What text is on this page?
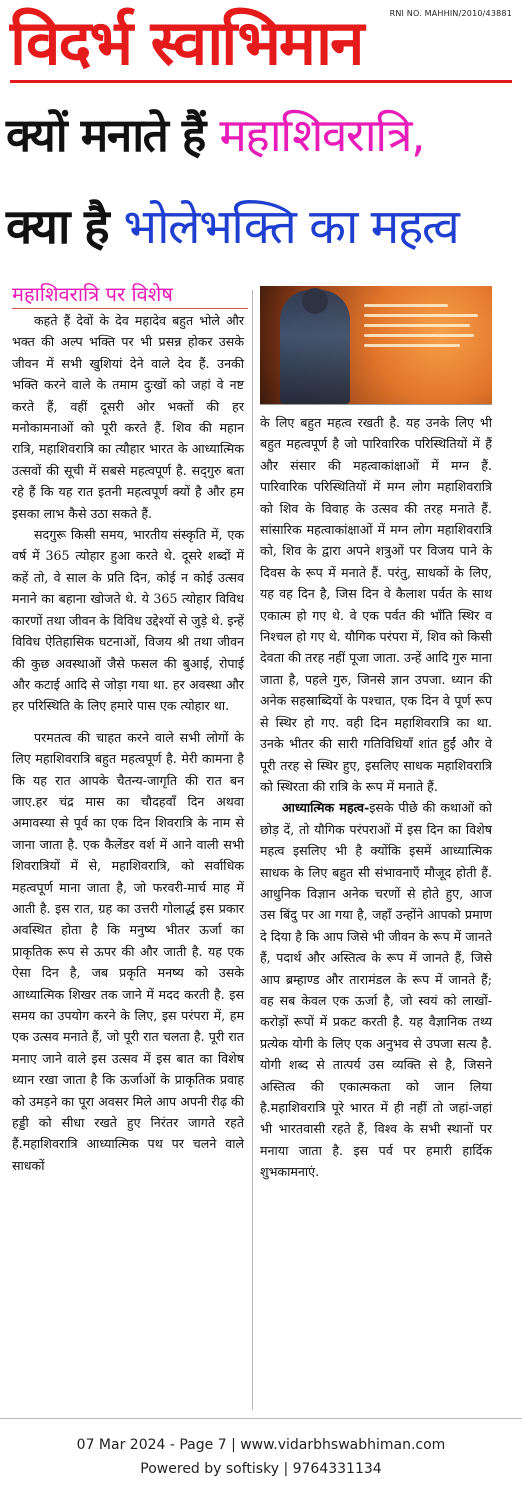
RNI NO. MAHHIN/2010/43881
विदर्भ स्वाभिमान
क्यों मनाते हैं महाशिवरात्रि,
क्या है भोलेभक्ति का महत्व
महाशिवरात्रि पर विशेष

कहते हैं देवों के देव महादेव बहुत भोले और भक्त की अल्प भक्ति पर भी प्रसन्न होकर उसके जीवन में सभी खुशियां देने वाले देव हैं. उनकी भक्ति करने वाले के तमाम दुःखों को जहां वे नष्ट करते हैं, वहीं दूसरी ओर भक्तों की हर मनोकामनाओं को पूरी करते हैं. शिव की महान रात्रि, महाशिवरात्रि का त्यौहार भारत के आध्यात्मिक उत्सवों की सूची में सबसे महत्वपूर्ण है. सद्‍गुरु बता रहे हैं कि यह रात इतनी महत्वपूर्ण क्यों है और हम इसका लाभ कैसे उठा सकते हैं.

सदगुरू किसी समय, भारतीय संस्कृति में, एक वर्ष में 365 त्योहार हुआ करते थे. दूसरे शब्दों में कहें तो, वे साल के प्रति दिन, कोई न कोई उत्सव मनाने का बहाना खोजते थे. ये 365 त्योहार विविध कारणों तथा जीवन के विविध उद्देश्यों से जुड़े थे. इन्हें विविध ऐतिहासिक घटनाओं, विजय श्री तथा जीवन की कुछ अवस्थाओं जैसे फसल की बुआई, रोपाई और कटाई आदि से जोड़ा गया था. हर अवस्था और हर परिस्थिति के लिए हमारे पास एक त्योहार था.

परमतत्व की चाहत करने वाले सभी लोगों के लिए महाशिवरात्रि बहुत महत्वपूर्ण है. मेरी कामना है कि यह रात आपके चैतन्य-जागृति की रात बन जाए.हर चंद्र मास का चौदहवाँ दिन अथवा अमावस्या से पूर्व का एक दिन शिवरात्रि के नाम से जाना जाता है. एक कैलेंडर वर्श में आने वाली सभी शिवरात्रियों में से, महाशिवरात्रि, को सर्वाधिक महत्वपूर्ण माना जाता है, जो फरवरी-मार्च माह में आती है. इस रात, ग्रह का उत्तरी गोलार्द्ध इस प्रकार अवस्थित होता है कि मनुष्य भीतर ऊर्जा का प्राकृतिक रूप से ऊपर की और जाती है. यह एक ऐसा दिन है, जब प्रकृति मनष्य को उसके आध्यात्मिक शिखर तक जाने में मदद करती है. इस समय का उपयोग करने के लिए, इस परंपरा में, हम एक उत्सव मनाते हैं, जो पूरी रात चलता है. पूरी रात मनाए जाने वाले इस उत्सव में इस बात का विशेष ध्यान रखा जाता है कि ऊर्जाओं के प्राकृतिक प्रवाह को उमड़ने का पूरा अवसर मिले आप अपनी रीढ़ की हड्डी को सीधा रखते हुए निरंतर जागते रहते हैं.महाशिवरात्रि आध्यात्मिक पथ पर चलने वाले साधकों

के लिए बहुत महत्व रखती है. यह उनके लिए भी बहुत महत्वपूर्ण है जो पारिवारिक परिस्थितियों में हैं और संसार की महत्वाकांक्षाओं में मग्न हैं. पारिवारिक परिस्थितियों में मग्न लोग महाशिवरात्रि को शिव के विवाह के उत्सव की तरह मनाते हैं. सांसारिक महत्वाकांक्षाओं में मग्न लोग महाशिवरात्रि को, शिव के द्वारा अपने शत्रुओं पर विजय पाने के दिवस के रूप में मनाते हैं. परंतु, साधकों के लिए, यह वह दिन है, जिस दिन वे कैलाश पर्वत के साथ एकात्म हो गए थे. वे एक पर्वत की भाँति स्थिर व निश्चल हो गए थे. यौगिक परंपरा में, शिव को किसी देवता की तरह नहीं पूजा जाता. उन्हें आदि गुरु माना जाता है, पहले गुरु, जिनसे ज्ञान उपजा. ध्यान की अनेक सहस्राब्दियों के पश्चात, एक दिन वे पूर्ण रूप से स्थिर हो गए. वही दिन महाशिवरात्रि का था. उनके भीतर की सारी गतिविधियाँ शांत हुईं और वे पूरी तरह से स्थिर हुए, इसलिए साधक महाशिवरात्रि को स्थिरता की रात्रि के रूप में मनाते हैं.

आध्यात्मिक महत्व-इसके पीछे की कथाओं को छोड़ दें, तो यौगिक परंपराओं में इस दिन का विशेष महत्व इसलिए भी है क्योंकि इसमें आध्यात्मिक साधक के लिए बहुत सी संभावनाएँ मौजूद होती हैं. आधुनिक विज्ञान अनेक चरणों से होते हुए, आज उस बिंदु पर आ गया है, जहाँ उन्होंने आपको प्रमाण दे दिया है कि आप जिसे भी जीवन के रूप में जानते हैं, पदार्थ और अस्तित्व के रूप में जानते हैं, जिसे आप ब्रम्हाण्ड और तारामंडल के रूप में जानते हैं; वह सब केवल एक ऊर्जा है, जो स्वयं को लाखों-करोड़ों रूपों में प्रकट करती है. यह वैज्ञानिक तथ्य प्रत्येक योगी के लिए एक अनुभव से उपजा सत्य है. योगी शब्द से तात्पर्य उस व्यक्ति से है, जिसने अस्तित्व की एकात्मकता को जान लिया है.महाशिवरात्रि पूरे भारत में ही नहीं तो जहां-जहां भी भारतवासी रहते हैं, विश्व के सभी स्थानों पर मनाया जाता है. इस पर्व पर हमारी हार्दिक शुभकामनाएं.

07 Mar 2024 - Page 7 | www.vidarbhswabhiman.com
Powered by softisky | 9764331134
